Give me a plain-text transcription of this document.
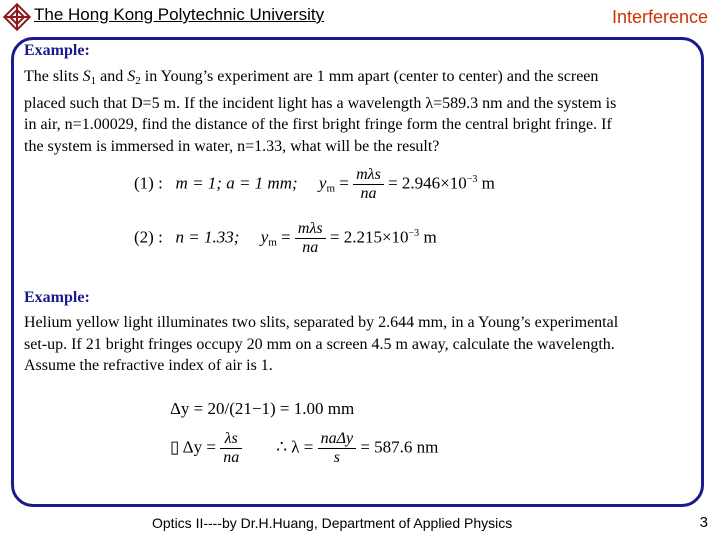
The Hong Kong Polytechnic University	Interference
Example:
The slits $S_1$ and $S_2$ in Young’s experiment are 1 mm apart (center to center) and the screen
placed such that D=5 m. If the incident light has a wavelength λ=589.3 nm and the system is
in air, n=1.00029, find the distance of the first bright fringe form the central bright fringe. If
the system is immersed in water, n=1.33, what will be the result?
(1) : m = 1; a = 1 mm; $y_m = \frac{\text{mλs}}{na} = 2.946\times 10^{-3}$ m
(2) : n = 1.33; $y_m = \frac{\text{mλs}}{na} = 2.215\times 10^{-3}$ m
Example:
Helium yellow light illuminates two slits, separated by 2.644 mm, in a Young’s experimental
set-up. If 21 bright fringes occupy 20 mm on a screen 4.5 m away, calculate the wavelength.
Assume the refractive index of air is 1.
Δy = 20/(21−1) = 1.00 mm
▯ $\Delta y = \frac{\lambda s}{na}$ ∴ $\lambda = \frac{\text{naΔy}}{s} = 587.6$ nm
Optics II----by Dr.H.Huang, Department of Applied Physics	3
